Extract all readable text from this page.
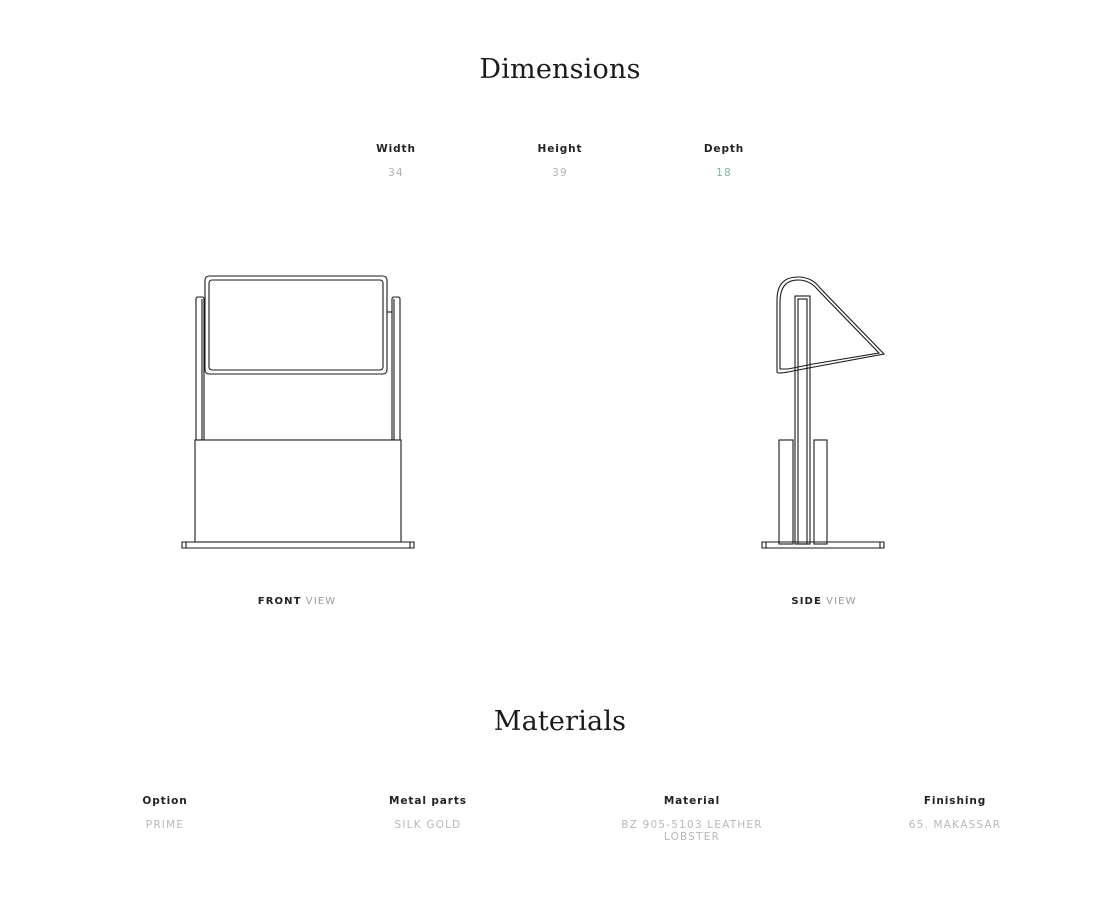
Dimensions
Width
34
Height
39
Depth
18
FRONT VIEW	SIDE VIEW
Materials
Option
PRIME
Metal parts
SILK GOLD
Material
BZ 905-5103 LEATHER LOBSTER
Finishing
65. MAKASSAR
